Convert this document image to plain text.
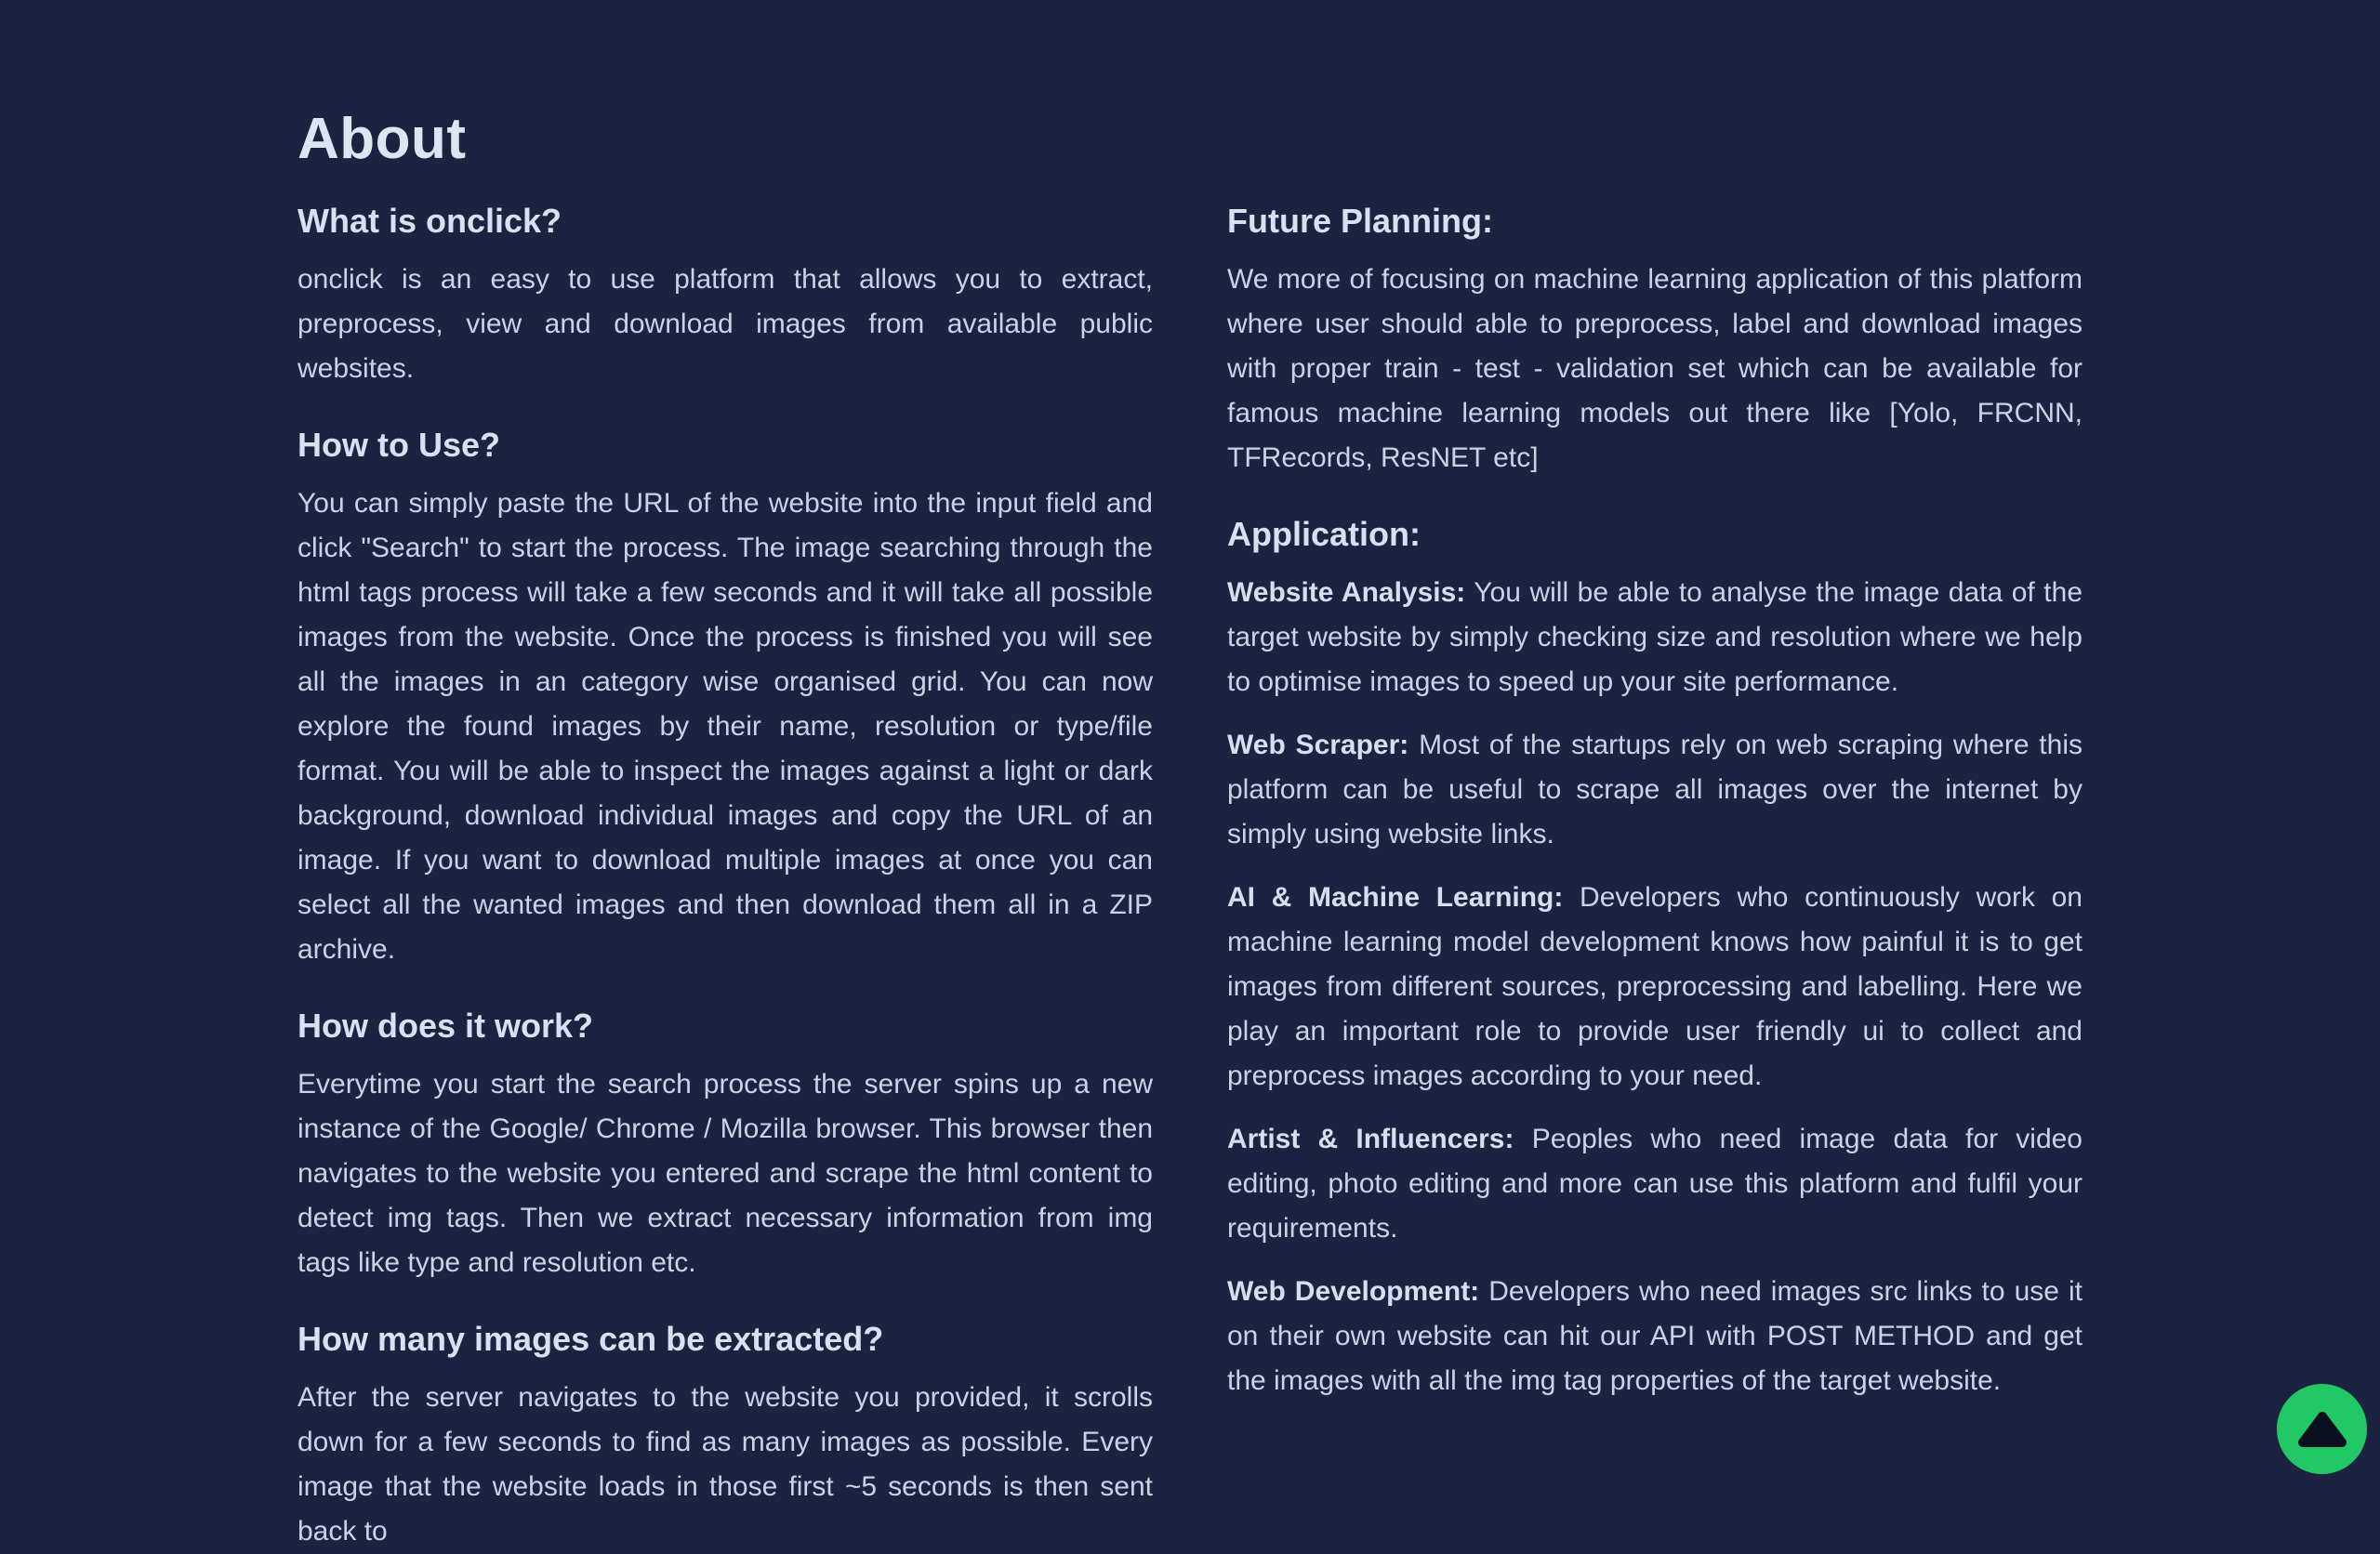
About
What is onclick?

onclick is an easy to use platform that allows you to extract, preprocess, view and download images from available public websites.

How to Use?

You can simply paste the URL of the website into the input field and click "Search" to start the process. The image searching through the html tags process will take a few seconds and it will take all possible images from the website. Once the process is finished you will see all the images in an category wise organised grid. You can now explore the found images by their name, resolution or type/file format. You will be able to inspect the images against a light or dark background, download individual images and copy the URL of an image. If you want to download multiple images at once you can select all the wanted images and then download them all in a ZIP archive.

How does it work?

Everytime you start the search process the server spins up a new instance of the Google/ Chrome / Mozilla browser. This browser then navigates to the website you entered and scrape the html content to detect img tags. Then we extract necessary information from img tags like type and resolution etc.

How many images can be extracted?

After the server navigates to the website you provided, it scrolls down for a few seconds to find as many images as possible. Every image that the website loads in those first ~5 seconds is then sent back to

Future Planning:

We more of focusing on machine learning application of this platform where user should able to preprocess, label and download images with proper train - test - validation set which can be available for famous machine learning models out there like [Yolo, FRCNN, TFRecords, ResNET etc]

Application:

Website Analysis: You will be able to analyse the image data of the target website by simply checking size and resolution where we help to optimise images to speed up your site performance.

Web Scraper: Most of the startups rely on web scraping where this platform can be useful to scrape all images over the internet by simply using website links.

AI & Machine Learning: Developers who continuously work on machine learning model development knows how painful it is to get images from different sources, preprocessing and labelling. Here we play an important role to provide user friendly ui to collect and preprocess images according to your need.

Artist & Influencers: Peoples who need image data for video editing, photo editing and more can use this platform and fulfil your requirements.

Web Development: Developers who need images src links to use it on their own website can hit our API with POST METHOD and get the images with all the img tag properties of the target website.
